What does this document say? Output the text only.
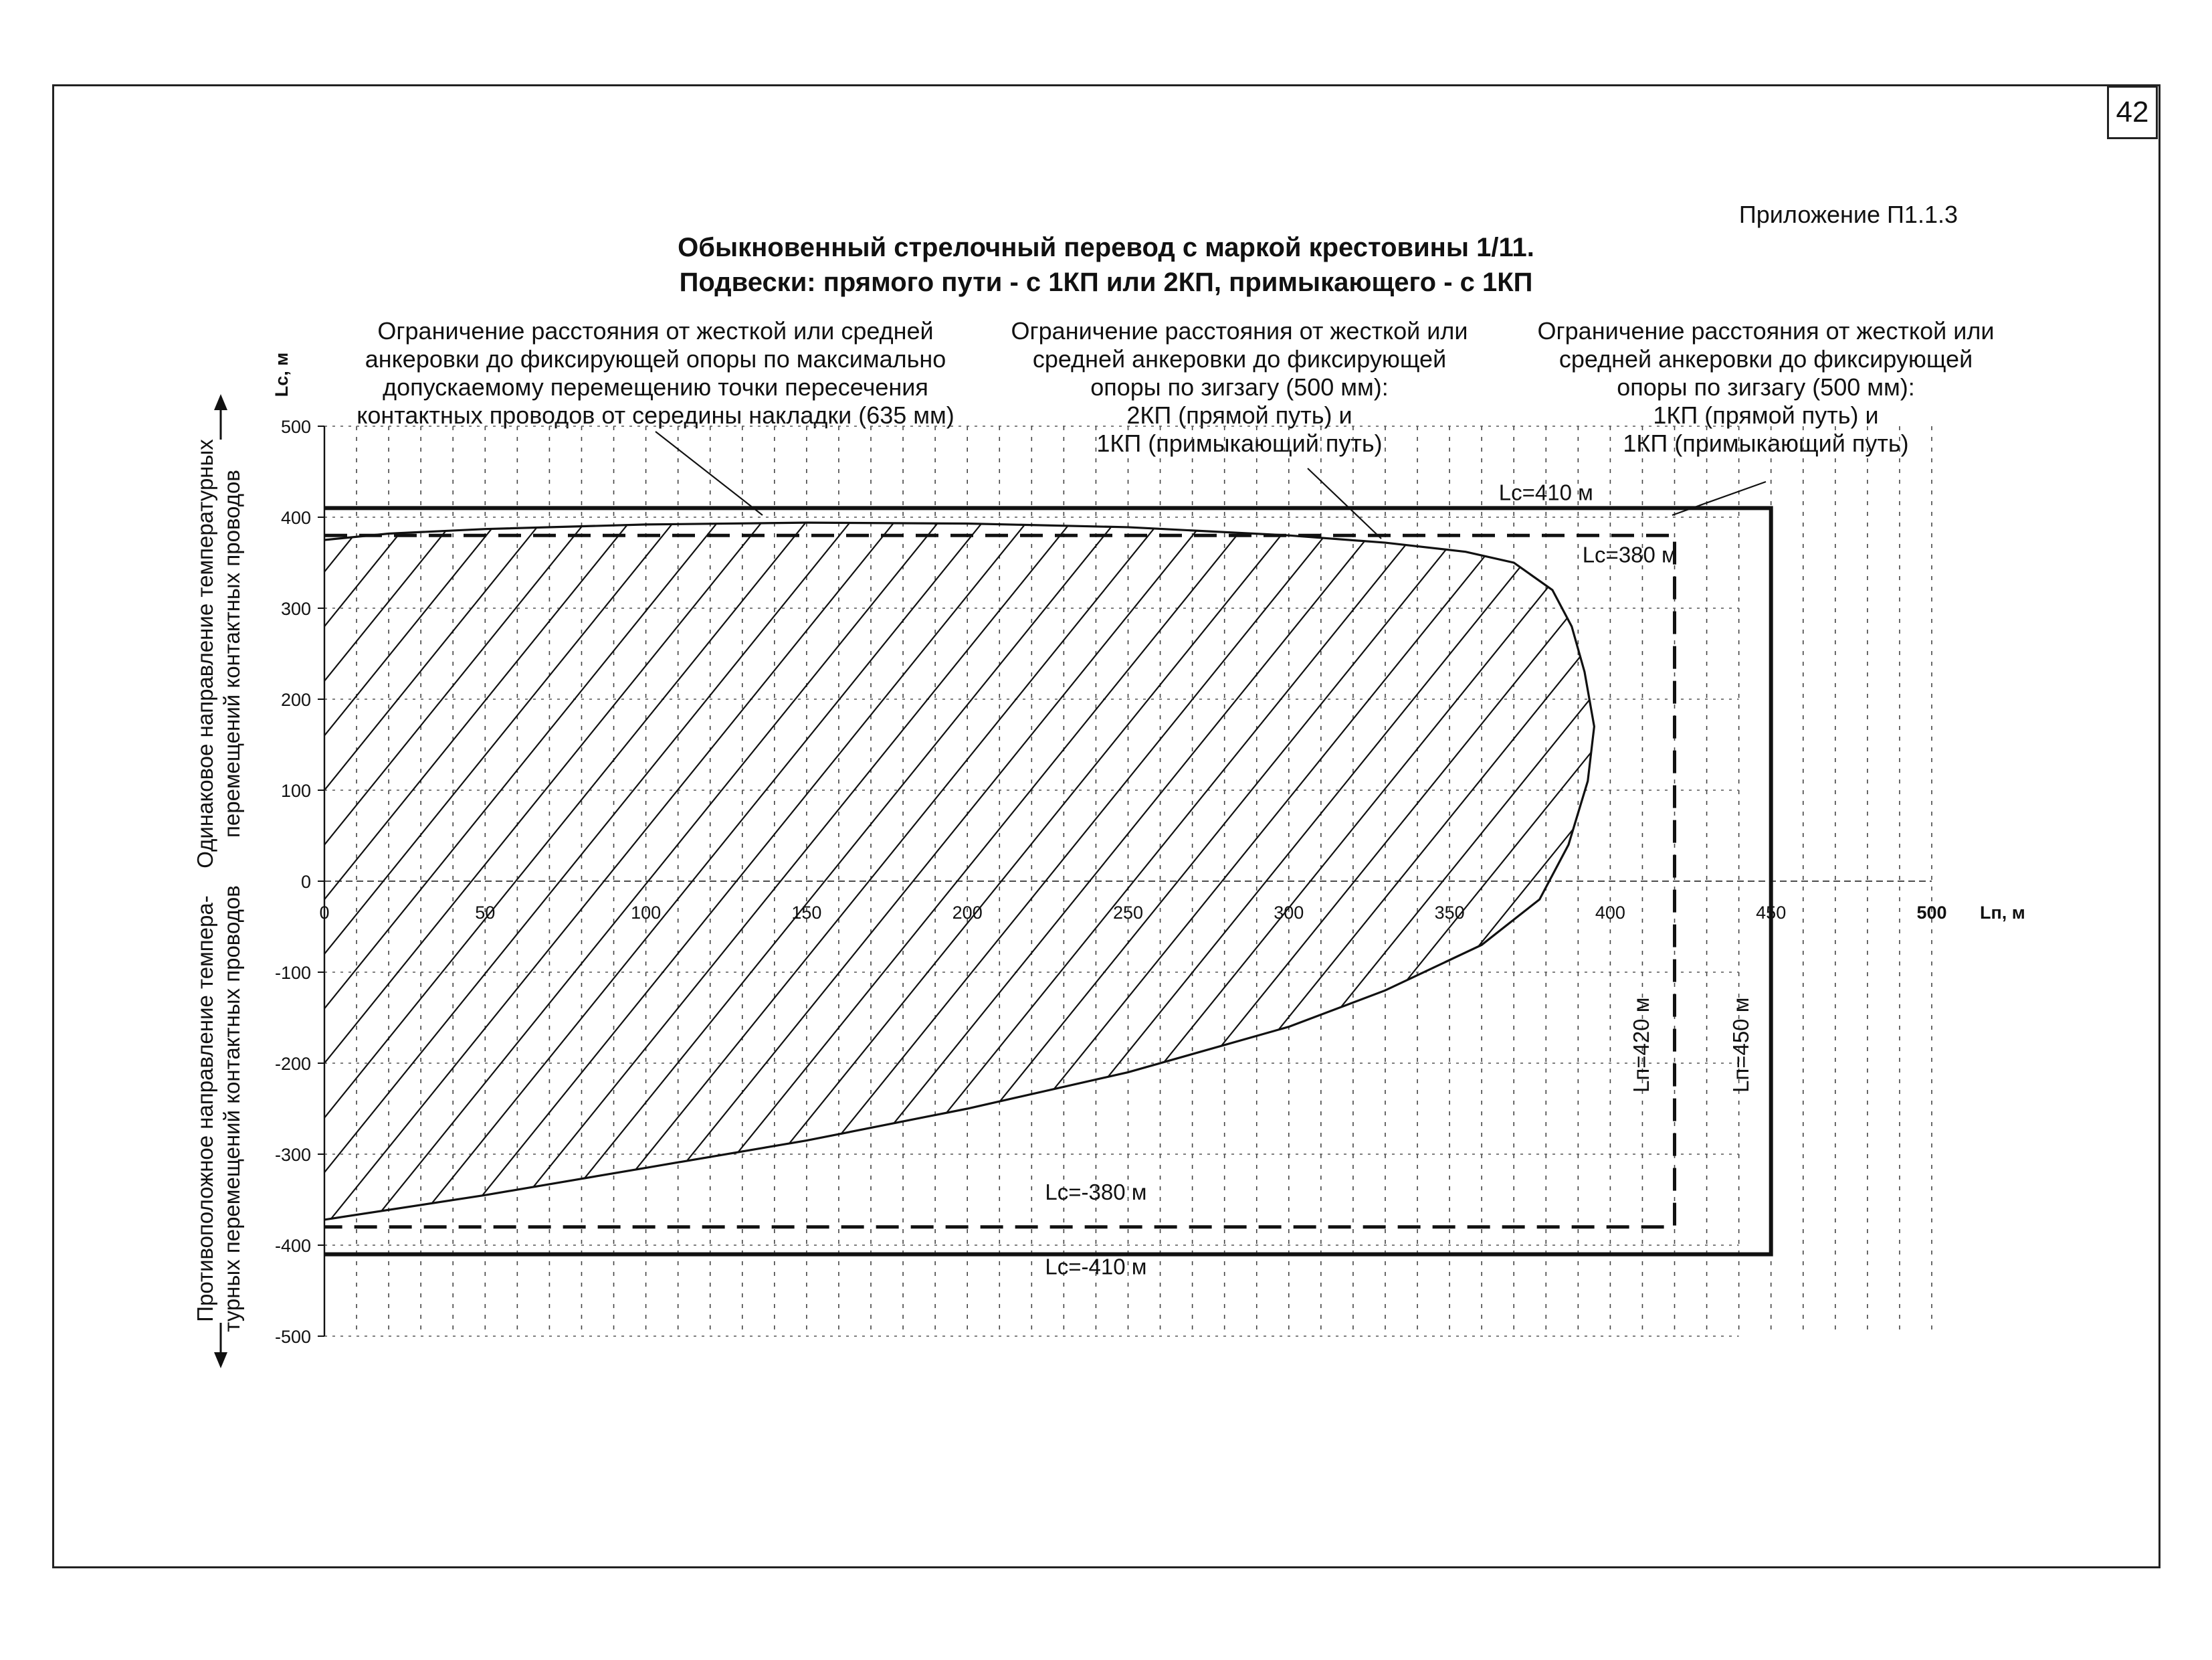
42
Приложение П1.1.3
Обыкновенный стрелочный перевод с маркой крестовины 1/11.
Подвески: прямого пути - с 1КП или 2КП, примыкающего - с 1КП
Ограничение расстояния от жесткой или средней
анкеровки до фиксирующей опоры по максимально
допускаемому перемещению точки пересечения
контактных проводов от середины накладки (635 мм)
Ограничение расстояния от жесткой или
средней анкеровки до фиксирующей
опоры по зигзагу (500 мм):
2КП (прямой путь) и
1КП (примыкающий путь)
Ограничение расстояния от жесткой или
средней анкеровки до фиксирующей
опоры по зигзагу (500 мм):
1КП (прямой путь) и
1КП (примыкающий путь)
500
400
300
200
100
0
-100
-200
-300
-400
-500
0	50	100	150	200	250	300	350	400	450	500 Lп, м
Lc, м
Lc=410 м
Lc=380 м
Lc=-380 м
Lc=-410 м
Lп=420 м	Lп=450 м
Одинаковое направление температурных перемещений контактных проводов
Противоположное направление темпера- турных перемещений контактных проводов
